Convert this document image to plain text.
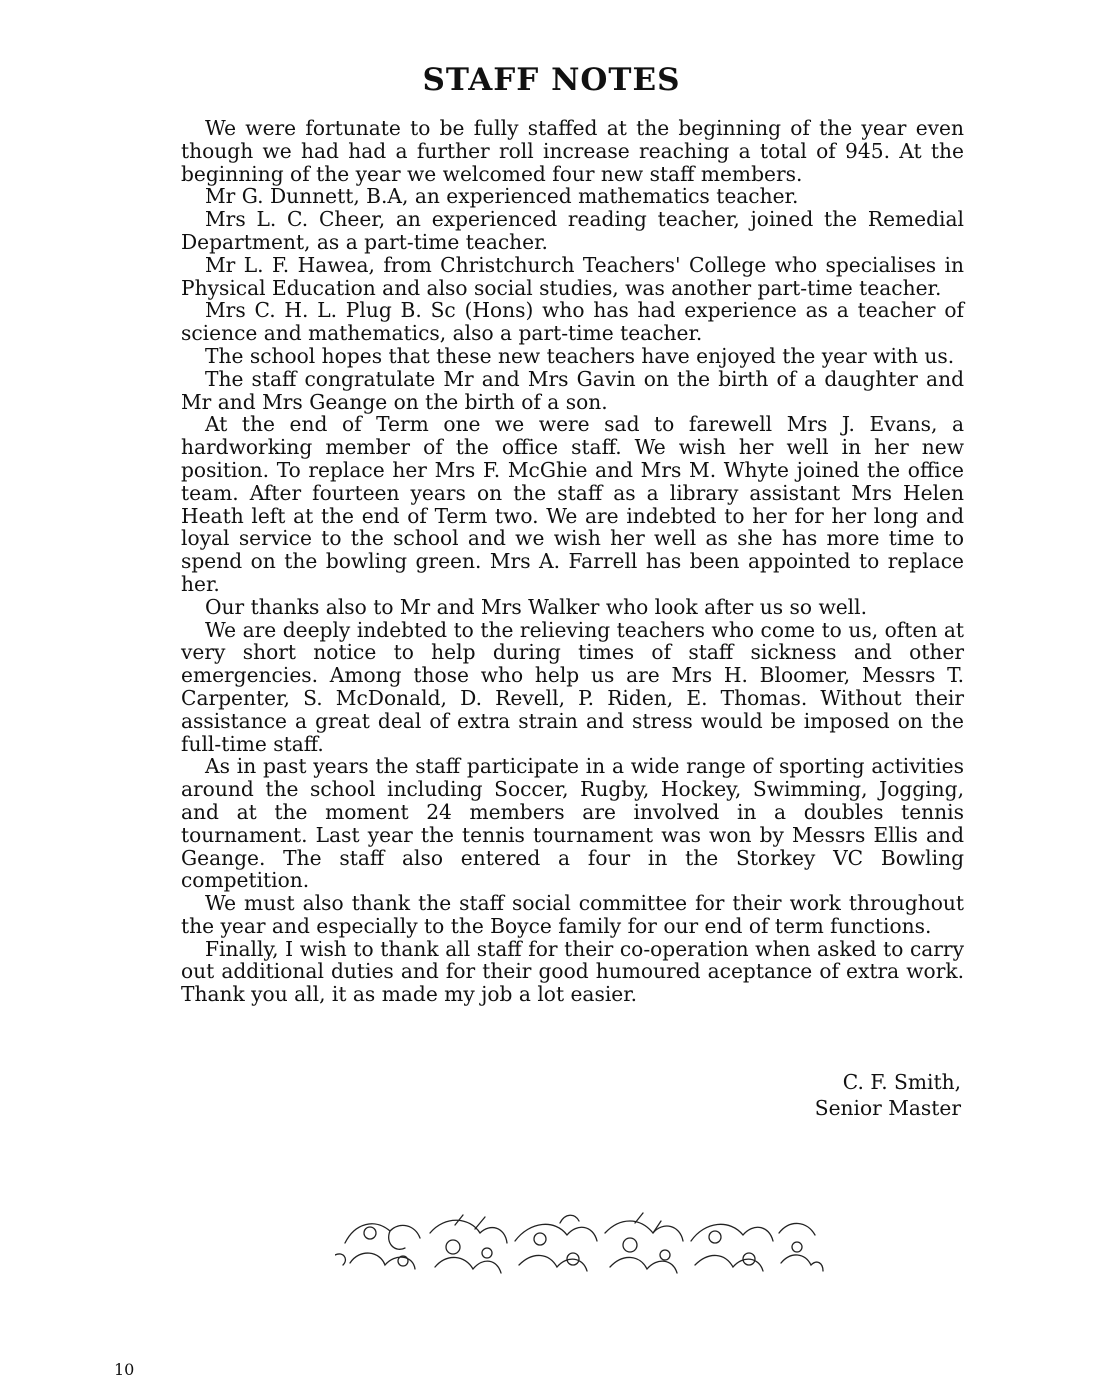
STAFF NOTES

We were fortunate to be fully staffed at the beginning of the year even though we had had a further roll increase reaching a total of 945. At the beginning of the year we welcomed four new staff members.

Mr G. Dunnett, B.A, an experienced mathematics teacher.

Mrs L. C. Cheer, an experienced reading teacher, joined the Remedial Department, as a part-time teacher.

Mr L. F. Hawea, from Christchurch Teachers' College who specialises in Physical Education and also social studies, was another part-time teacher.

Mrs C. H. L. Plug B. Sc (Hons) who has had experience as a teacher of science and mathematics, also a part-time teacher.

The school hopes that these new teachers have enjoyed the year with us.

The staff congratulate Mr and Mrs Gavin on the birth of a daughter and Mr and Mrs Geange on the birth of a son.

At the end of Term one we were sad to farewell Mrs J. Evans, a hardworking member of the office staff. We wish her well in her new position. To replace her Mrs F. McGhie and Mrs M. Whyte joined the office team. After fourteen years on the staff as a library assistant Mrs Helen Heath left at the end of Term two. We are indebted to her for her long and loyal service to the school and we wish her well as she has more time to spend on the bowling green. Mrs A. Farrell has been appointed to replace her.

Our thanks also to Mr and Mrs Walker who look after us so well.

We are deeply indebted to the relieving teachers who come to us, often at very short notice to help during times of staff sickness and other emergencies. Among those who help us are Mrs H. Bloomer, Messrs T. Carpenter, S. McDonald, D. Revell, P. Riden, E. Thomas. Without their assistance a great deal of extra strain and stress would be imposed on the full-time staff.

As in past years the staff participate in a wide range of sporting activities around the school including Soccer, Rugby, Hockey, Swimming, Jogging, and at the moment 24 members are involved in a doubles tennis tournament. Last year the tennis tournament was won by Messrs Ellis and Geange. The staff also entered a four in the Storkey VC Bowling competition.

We must also thank the staff social committee for their work throughout the year and especially to the Boyce family for our end of term functions.

Finally, I wish to thank all staff for their co-operation when asked to carry out additional duties and for their good humoured aceptance of extra work. Thank you all, it as made my job a lot easier.

C. F. Smith,
Senior Master
10
